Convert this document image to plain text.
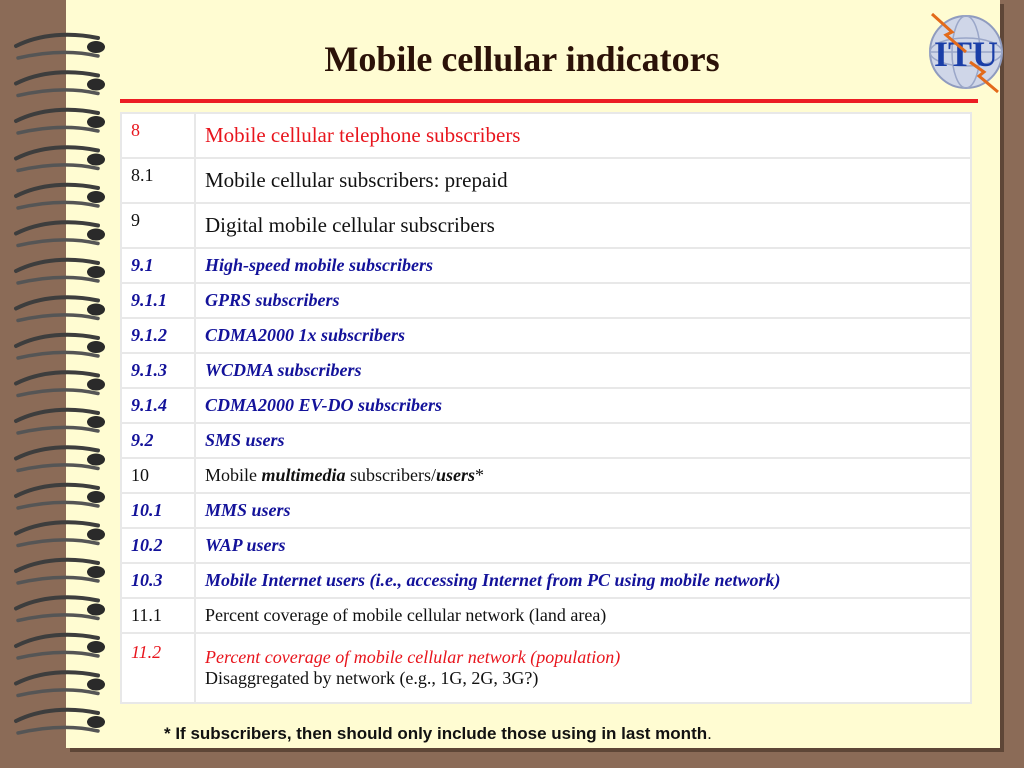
Mobile cellular indicators	ITU
8	Mobile cellular telephone subscribers
8.1	Mobile cellular subscribers: prepaid
9	Digital mobile cellular subscribers
9.1	High-speed mobile subscribers
9.1.1	GPRS subscribers
9.1.2	CDMA2000 1x subscribers
9.1.3	WCDMA subscribers
9.1.4	CDMA2000 EV-DO subscribers
9.2	SMS users
10	Mobile multimedia subscribers/users*
10.1	MMS users
10.2	WAP users
10.3	Mobile Internet users (i.e., accessing Internet from PC using mobile network)
11.1	Percent coverage of mobile cellular network (land area)
11.2	Percent coverage of mobile cellular network (population)
Disaggregated by network (e.g., 1G, 2G, 3G?)
* If subscribers, then should only include those using in last month.
